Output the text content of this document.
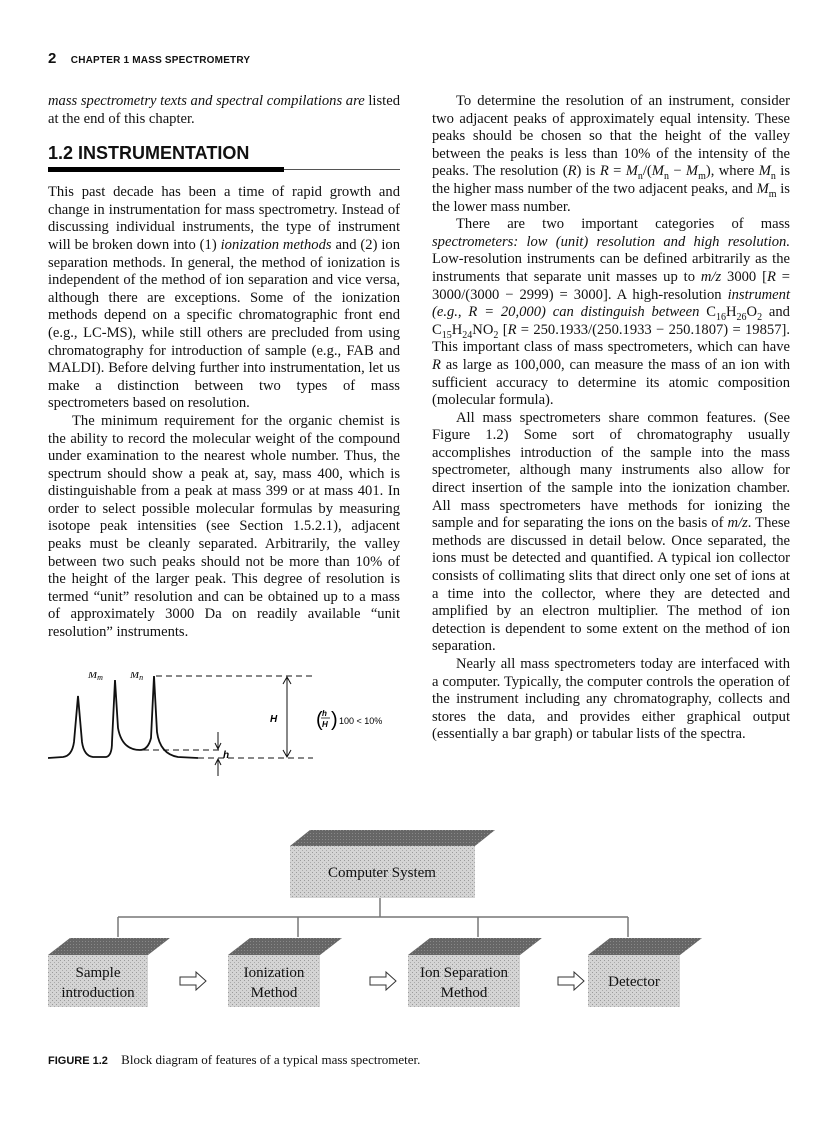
2 CHAPTER 1 MASS SPECTROMETRY

mass spectrometry texts and spectral compilations are listed at the end of this chapter.

1.2 INSTRUMENTATION

This past decade has been a time of rapid growth and change in instrumentation for mass spectrometry. Instead of discussing individual instruments, the type of instrument will be broken down into (1) ionization methods and (2) ion separation methods. In general, the method of ionization is independent of the method of ion separation and vice versa, although there are exceptions. Some of the ionization methods depend on a specific chromatographic front end (e.g., LC-MS), while still others are precluded from using chromatography for introduction of sample (e.g., FAB and MALDI). Before delving further into instrumentation, let us make a distinction between two types of mass spectrometers based on resolution.

The minimum requirement for the organic chemist is the ability to record the molecular weight of the compound under examination to the nearest whole number. Thus, the spectrum should show a peak at, say, mass 400, which is distinguishable from a peak at mass 399 or at mass 401. In order to select possible molecular formulas by measuring isotope peak intensities (see Section 1.5.2.1), adjacent peaks must be cleanly separated. Arbitrarily, the valley between two such peaks should not be more than 10% of the height of the larger peak. This degree of resolution is termed “unit” resolution and can be obtained up to a mass of approximately 3000 Da on readily available “unit resolution” instruments.

Mm Mn
H
h
( h
H ) 100 < 10%

To determine the resolution of an instrument, consider two adjacent peaks of approximately equal intensity. These peaks should be chosen so that the height of the valley between the peaks is less than 10% of the intensity of the peaks. The resolution (R) is $R = M_n/(M_n - M_m)$, where $M_n$ is the higher mass number of the two adjacent peaks, and $M_m$ is the lower mass number.

There are two important categories of mass spectrometers: low (unit) resolution and high resolution. Low-resolution instruments can be defined arbitrarily as the instruments that separate unit masses up to m/z 3000 [R = 3000/(3000 − 2999) = 3000]. A high-resolution instrument (e.g., R = 20,000) can distinguish between $C_{16}H_{26}O_2$ and $C_{15}H_{24}NO_2$ [R = 250.1933/(250.1933 − 250.1807) = 19857]. This important class of mass spectrometers, which can have R as large as 100,000, can measure the mass of an ion with sufficient accuracy to determine its atomic composition (molecular formula).

All mass spectrometers share common features. (See Figure 1.2) Some sort of chromatography usually accomplishes introduction of the sample into the mass spectrometer, although many instruments also allow for direct insertion of the sample into the ionization chamber. All mass spectrometers have methods for ionizing the sample and for separating the ions on the basis of m/z. These methods are discussed in detail below. Once separated, the ions must be detected and quantified. A typical ion collector consists of collimating slits that direct only one set of ions at a time into the collector, where they are detected and amplified by an electron multiplier. The method of ion detection is dependent to some extent on the method of ion separation.

Nearly all mass spectrometers today are interfaced with a computer. Typically, the computer controls the operation of the instrument including any chromatography, collects and stores the data, and provides either graphical output (essentially a bar graph) or tabular lists of the spectra.

Computer System
Sample
introduction
Ionization
Method
Ion Separation
Method
Detector
FIGURE 1.2 Block diagram of features of a typical mass spectrometer.
